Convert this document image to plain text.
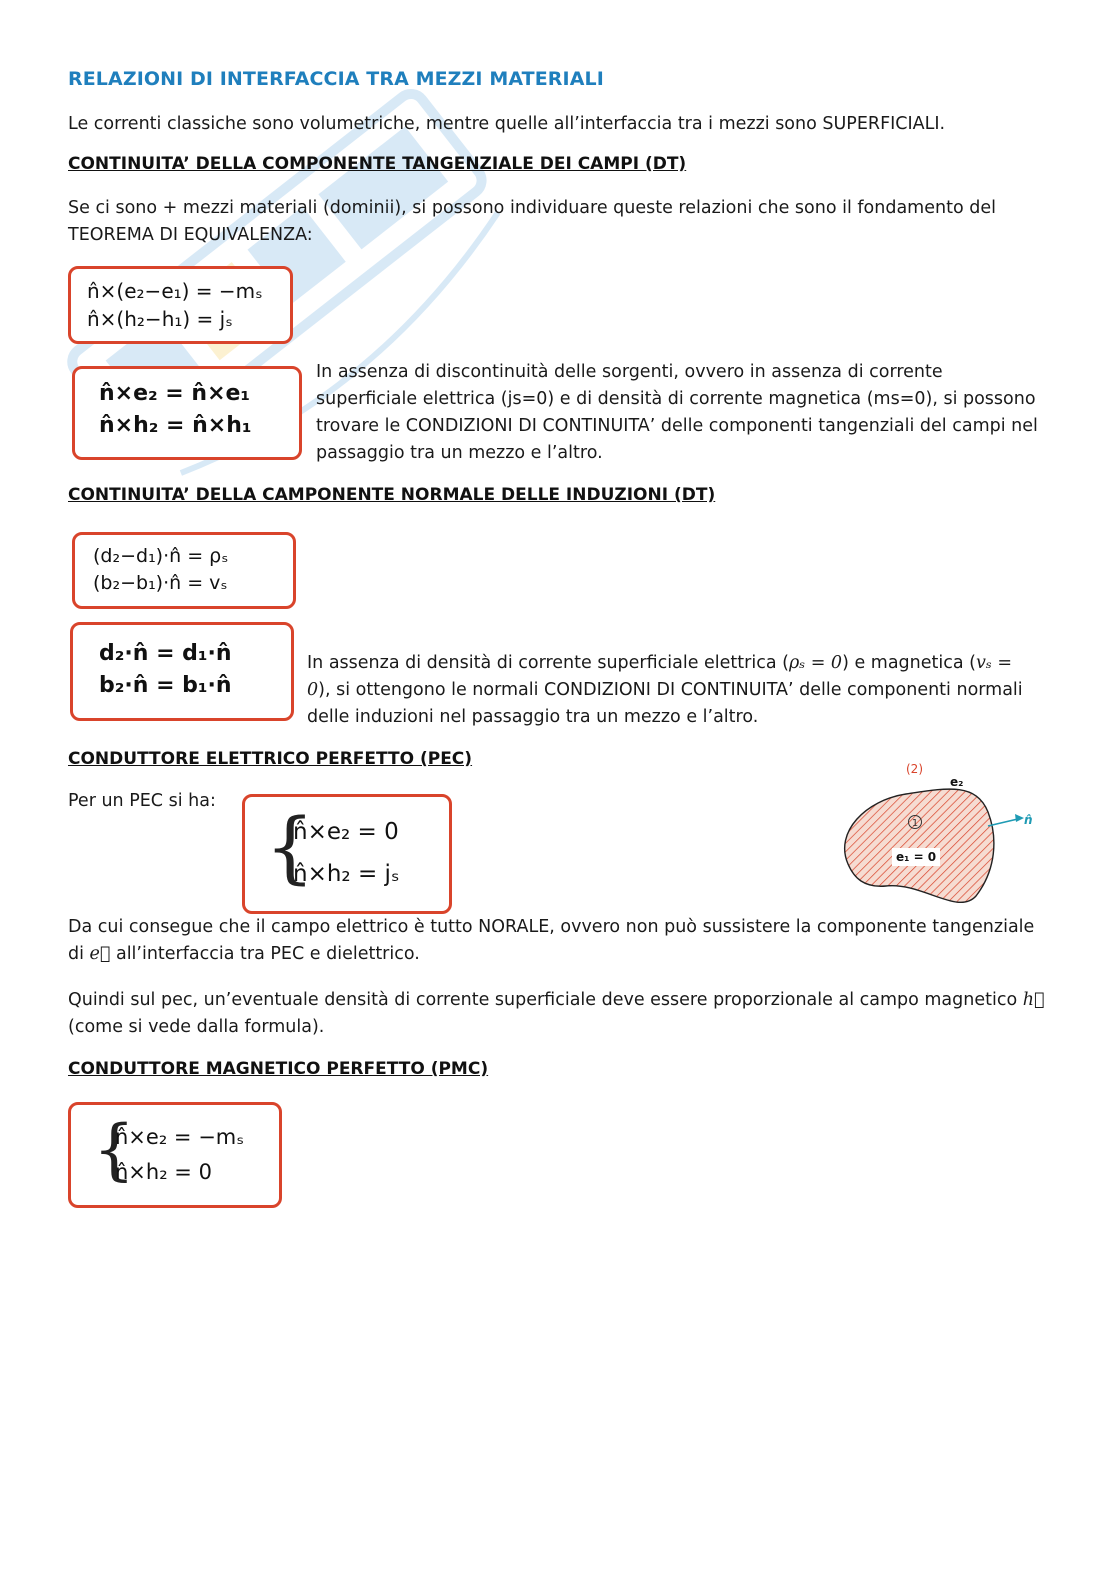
RELAZIONI DI INTERFACCIA TRA MEZZI MATERIALI

Le correnti classiche sono volumetriche, mentre quelle all’interfaccia tra i mezzi sono SUPERFICIALI.

CONTINUITA’ DELLA COMPONENTE TANGENZIALE DEI CAMPI (DT)

Se ci sono + mezzi materiali (dominii), si possono individuare queste relazioni che sono il fondamento del

TEOREMA DI EQUIVALENZA:

n̂×(e₂−e₁) = −mₛ
n̂×(h₂−h₁) = jₛ
n̂×e₂ = n̂×e₁
n̂×h₂ = n̂×h₁

In assenza di discontinuità delle sorgenti, ovvero in assenza di corrente

superficiale elettrica (js=0) e di densità di corrente magnetica (ms=0), si possono

trovare le CONDIZIONI DI CONTINUITA’ delle componenti tangenziali del campi nel

passaggio tra un mezzo e l’altro.

CONTINUITA’ DELLA CAMPONENTE NORMALE DELLE INDUZIONI (DT)
(d₂−d₁)·n̂ = ρₛ
(b₂−b₁)·n̂ = vₛ
d₂·n̂ = d₁·n̂
b₂·n̂ = b₁·n̂

In assenza di densità di corrente superficiale elettrica (ρₛ = 0) e magnetica (vₛ =

0), si ottengono le normali CONDIZIONI DI CONTINUITA’ delle componenti normali

delle induzioni nel passaggio tra un mezzo e l’altro.

CONDUTTORE ELETTRICO PERFETTO (PEC)

Per un PEC si ha:

{
n̂×e₂ = 0
n̂×h₂ = jₛ
1
(2)
e₂
n̂
e₁ = 0

Da cui consegue che il campo elettrico è tutto NORALE, ovvero non può sussistere la componente tangenziale

di e⃗ all’interfaccia tra PEC e dielettrico.

Quindi sul pec, un’eventuale densità di corrente superficiale deve essere proporzionale al campo magnetico h⃗

(come si vede dalla formula).

CONDUTTORE MAGNETICO PERFETTO (PMC)
{
n̂×e₂ = −mₛ
n̂×h₂ = 0
